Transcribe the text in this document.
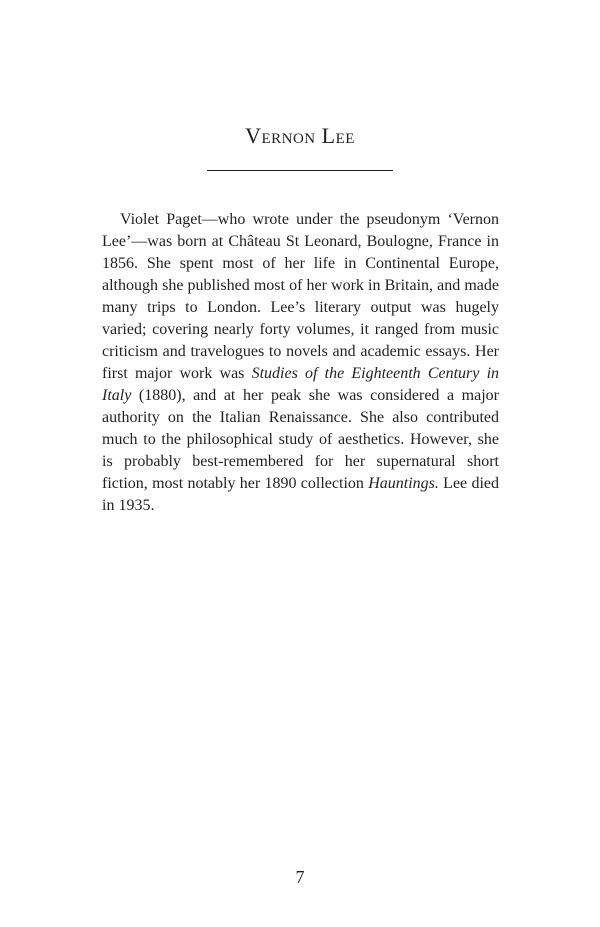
Vernon Lee

Violet Paget—who wrote under the pseudonym ‘Vernon Lee’—was born at Château St Leonard, Boulogne, France in 1856. She spent most of her life in Continental Europe, although she published most of her work in Britain, and made many trips to London. Lee’s literary output was hugely varied; covering nearly forty volumes, it ranged from music criticism and travelogues to novels and academic essays. Her first major work was Studies of the Eighteenth Century in Italy (1880), and at her peak she was considered a major authority on the Italian Renaissance. She also contributed much to the philosophical study of aesthetics. However, she is probably best-remembered for her supernatural short fiction, most notably her 1890 collection Hauntings. Lee died in 1935.

7
